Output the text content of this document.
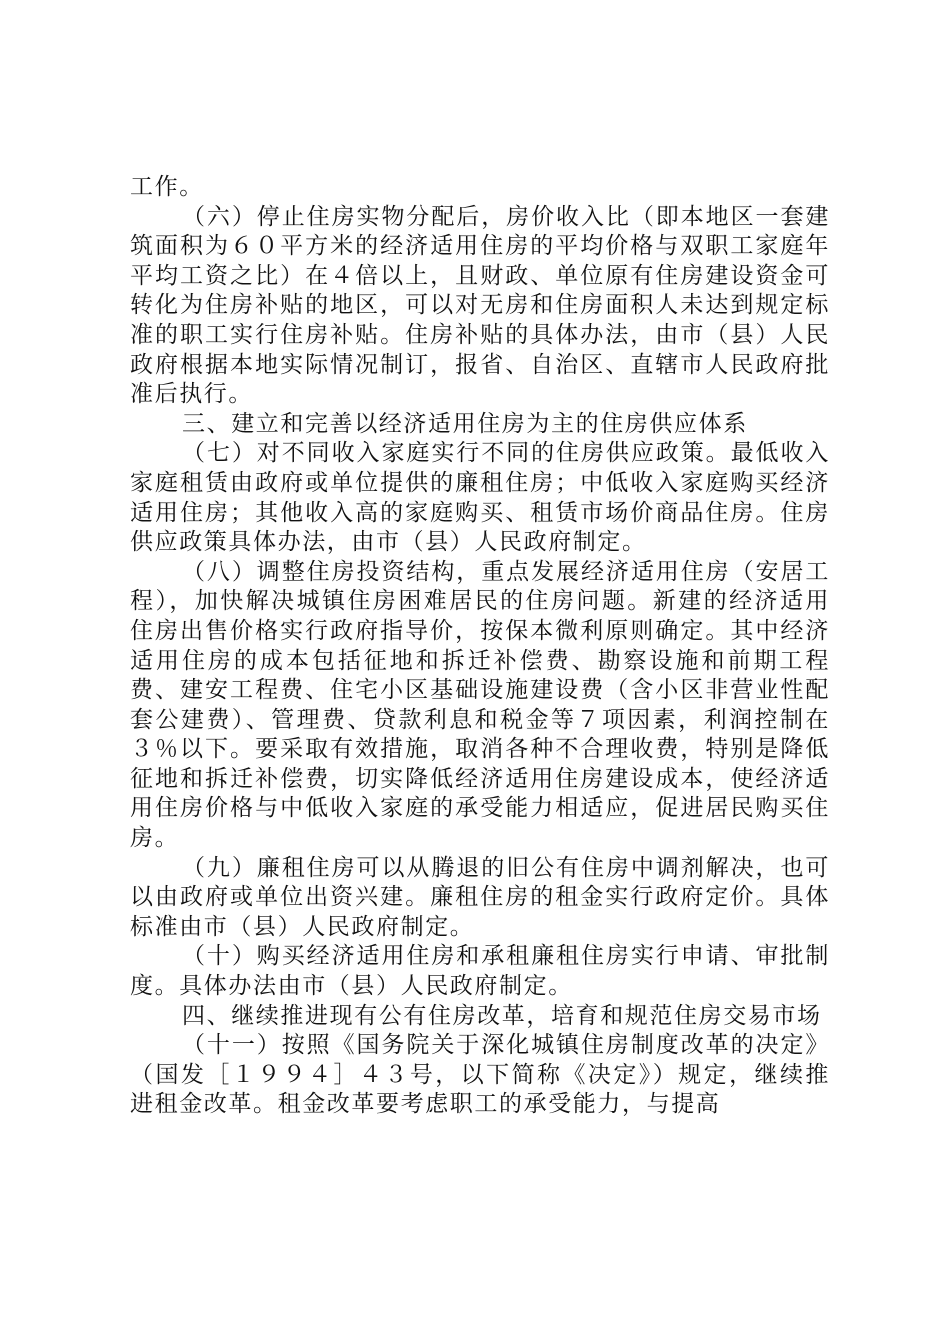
工作。

（六）停止住房实物分配后，房价收入比（即本地区一套建筑面积为６０平方米的经济适用住房的平均价格与双职工家庭年平均工资之比）在４倍以上，且财政、单位原有住房建设资金可转化为住房补贴的地区，可以对无房和住房面积人未达到规定标准的职工实行住房补贴。住房补贴的具体办法，由市（县）人民政府根据本地实际情况制订，报省、自治区、直辖市人民政府批准后执行。

三、建立和完善以经济适用住房为主的住房供应体系

（七）对不同收入家庭实行不同的住房供应政策。最低收入家庭租赁由政府或单位提供的廉租住房；中低收入家庭购买经济适用住房；其他收入高的家庭购买、租赁市场价商品住房。住房供应政策具体办法，由市（县）人民政府制定。

（八）调整住房投资结构，重点发展经济适用住房（安居工程），加快解决城镇住房困难居民的住房问题。新建的经济适用住房出售价格实行政府指导价，按保本微利原则确定。其中经济适用住房的成本包括征地和拆迁补偿费、勘察设施和前期工程费、建安工程费、住宅小区基础设施建设费（含小区非营业性配套公建费）、管理费、贷款利息和税金等７项因素，利润控制在３％以下。要采取有效措施，取消各种不合理收费，特别是降低征地和拆迁补偿费，切实降低经济适用住房建设成本，使经济适用住房价格与中低收入家庭的承受能力相适应，促进居民购买住房。

（九）廉租住房可以从腾退的旧公有住房中调剂解决，也可以由政府或单位出资兴建。廉租住房的租金实行政府定价。具体标准由市（县）人民政府制定。

（十）购买经济适用住房和承租廉租住房实行申请、审批制度。具体办法由市（县）人民政府制定。

四、继续推进现有公有住房改革，培育和规范住房交易市场

（十一）按照《国务院关于深化城镇住房制度改革的决定》（国发［１９９４］４３号，以下简称《决定》）规定，继续推进租金改革。租金改革要考虑职工的承受能力，与提高
